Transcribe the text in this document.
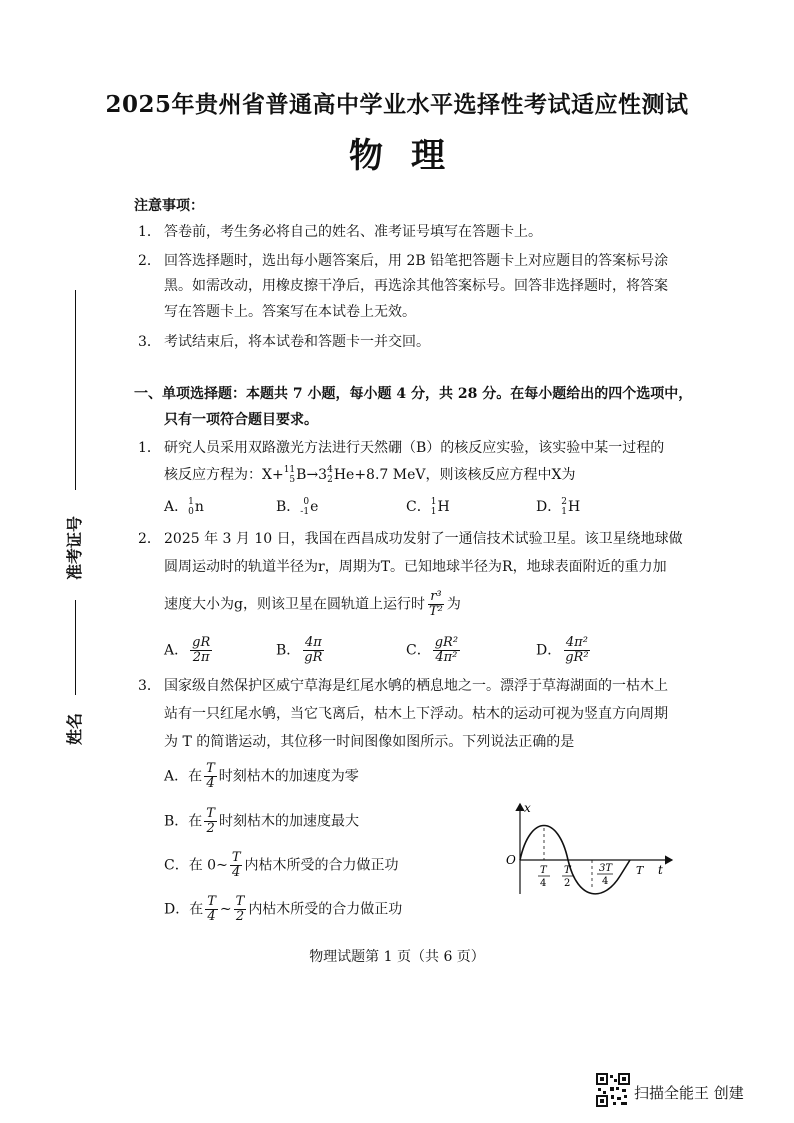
2025年贵州省普通高中学业水平选择性考试适应性测试
物理
准考证号
姓名
注意事项：
1． 答卷前，考生务必将自己的姓名、准考证号填写在答题卡上。
2． 回答选择题时，选出每小题答案后，用 2B 铅笔把答题卡上对应题目的答案标号涂
黑。如需改动，用橡皮擦干净后，再选涂其他答案标号。回答非选择题时，将答案
写在答题卡上。答案写在本试卷上无效。
3． 考试结束后，将本试卷和答题卡一并交回。
一、单项选择题：本题共 7 小题，每小题 4 分，共 28 分。在每小题给出的四个选项中，
只有一项符合题目要求。
1． 研究人员采用双路激光方法进行天然硼（B）的核反应实验，该实验中某一过程的
核反应方程为：X+ 11
5 B→3 4
2 He+8.7 MeV，则该核反应方程中X为
A． 1
0 n	B． 0
-1 e	C． 1
1 H	D． 2
1 H
2． 2025 年 3 月 10 日，我国在西昌成功发射了一通信技术试验卫星。该卫星绕地球做
圆周运动时的轨道半径为r，周期为T。已知地球半径为R，地球表面附近的重力加
速度大小为g，则该卫星在圆轨道上运行时 $\frac{\text{r³}}{\text{T²}}$ 为
A． $\frac{gR}{2\pi}$	B． $\frac{4\pi}{gR}$	C． $\frac{\text{gR²}}{\text{4π²}}$	D． $\frac{\text{4π²}}{\text{gR²}}$
3． 国家级自然保护区威宁草海是红尾水鸲的栖息地之一。漂浮于草海湖面的一枯木上
站有一只红尾水鸲，当它飞离后，枯木上下浮动。枯木的运动可视为竖直方向周期
为 T 的简谐运动，其位移一时间图像如图所示。下列说法正确的是
A．在 $\frac{T}{4}$ 时刻枯木的加速度为零
B．在 $\frac{T}{2}$ 时刻枯木的加速度最大
C．在 0~ $\frac{T}{4}$ 内枯木所受的合力做正功
D．在 $\frac{T}{4}$ ~ $\frac{T}{2}$ 内枯木所受的合力做正功
x
t
O
T
4
T
2
3T
4
T
物理试题第 1 页（共 6 页）
扫描全能王 创建
